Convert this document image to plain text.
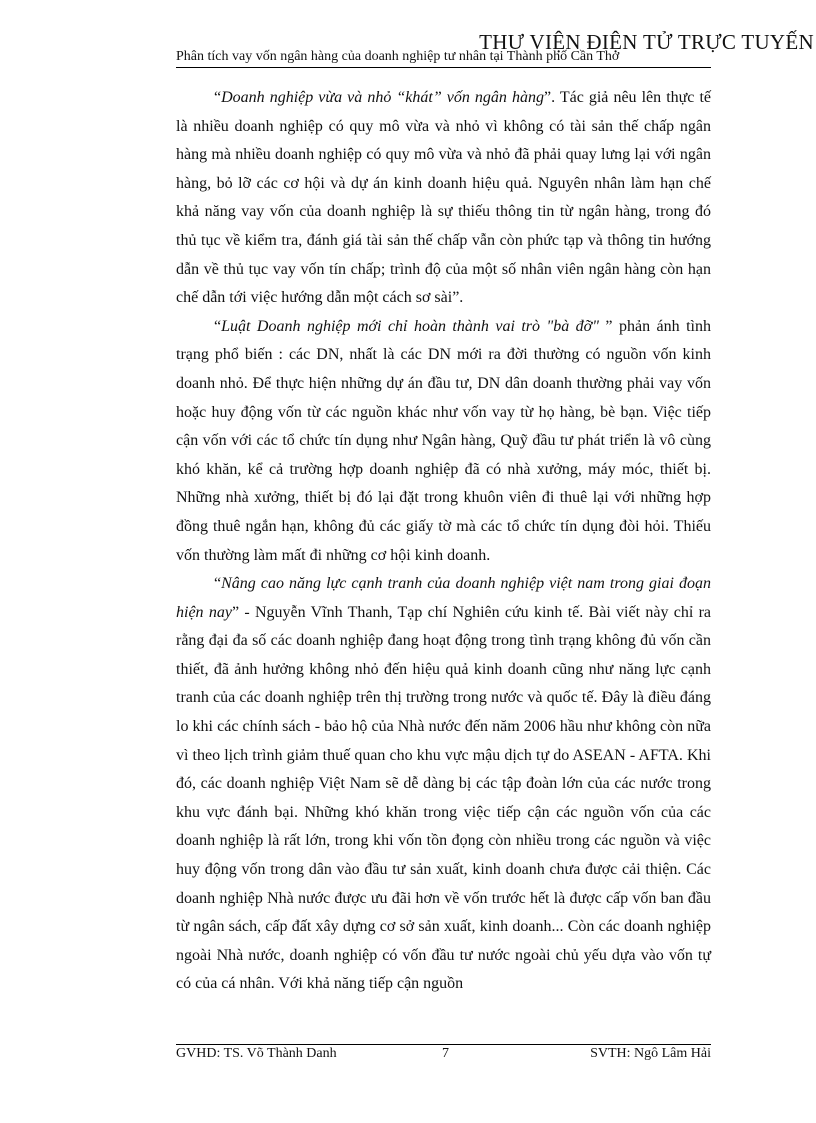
THƯ VIỆN ĐIỆN TỬ TRỰC TUYẾN
Phân tích vay vốn ngân hàng của doanh nghiệp tư nhân tại Thành phố Cần Thơ

“Doanh nghiệp vừa và nhỏ “khát” vốn ngân hàng”. Tác giả nêu lên thực tế là nhiều doanh nghiệp có quy mô vừa và nhỏ vì không có tài sản thế chấp ngân hàng mà nhiều doanh nghiệp có quy mô vừa và nhỏ đã phải quay lưng lại với ngân hàng, bỏ lỡ các cơ hội và dự án kinh doanh hiệu quả. Nguyên nhân làm hạn chế khả năng vay vốn của doanh nghiệp là sự thiếu thông tin từ ngân hàng, trong đó thủ tục về kiểm tra, đánh giá tài sản thế chấp vẫn còn phức tạp và thông tin hướng dẫn về thủ tục vay vốn tín chấp; trình độ của một số nhân viên ngân hàng còn hạn chế dẫn tới việc hướng dẫn một cách sơ sài”.

“Luật Doanh nghiệp mới chỉ hoàn thành vai trò "bà đỡ" ” phản ánh tình trạng phổ biến : các DN, nhất là các DN mới ra đời thường có nguồn vốn kinh doanh nhỏ. Để thực hiện những dự án đầu tư, DN dân doanh thường phải vay vốn hoặc huy động vốn từ các nguồn khác như vốn vay từ họ hàng, bè bạn. Việc tiếp cận vốn với các tổ chức tín dụng như Ngân hàng, Quỹ đầu tư phát triển là vô cùng khó khăn, kể cả trường hợp doanh nghiệp đã có nhà xưởng, máy móc, thiết bị. Những nhà xưởng, thiết bị đó lại đặt trong khuôn viên đi thuê lại với những hợp đồng thuê ngắn hạn, không đủ các giấy tờ mà các tổ chức tín dụng đòi hỏi. Thiếu vốn thường làm mất đi những cơ hội kinh doanh.

“Nâng cao năng lực cạnh tranh của doanh nghiệp việt nam trong giai đoạn hiện nay” - Nguyễn Vĩnh Thanh, Tạp chí Nghiên cứu kinh tế. Bài viết này chỉ ra rằng đại đa số các doanh nghiệp đang hoạt động trong tình trạng không đủ vốn cần thiết, đã ảnh hưởng không nhỏ đến hiệu quả kinh doanh cũng như năng lực cạnh tranh của các doanh nghiệp trên thị trường trong nước và quốc tế. Đây là điều đáng lo khi các chính sách - bảo hộ của Nhà nước đến năm 2006 hầu như không còn nữa vì theo lịch trình giảm thuế quan cho khu vực mậu dịch tự do ASEAN - AFTA. Khi đó, các doanh nghiệp Việt Nam sẽ dễ dàng bị các tập đoàn lớn của các nước trong khu vực đánh bại. Những khó khăn trong việc tiếp cận các nguồn vốn của các doanh nghiệp là rất lớn, trong khi vốn tồn đọng còn nhiều trong các nguồn và việc huy động vốn trong dân vào đầu tư sản xuất, kinh doanh chưa được cải thiện. Các doanh nghiệp Nhà nước được ưu đãi hơn về vốn trước hết là được cấp vốn ban đầu từ ngân sách, cấp đất xây dựng cơ sở sản xuất, kinh doanh... Còn các doanh nghiệp ngoài Nhà nước, doanh nghiệp có vốn đầu tư nước ngoài chủ yếu dựa vào vốn tự có của cá nhân. Với khả năng tiếp cận nguồn

GVHD: TS. Võ Thành Danh	7	SVTH: Ngô Lâm Hải
